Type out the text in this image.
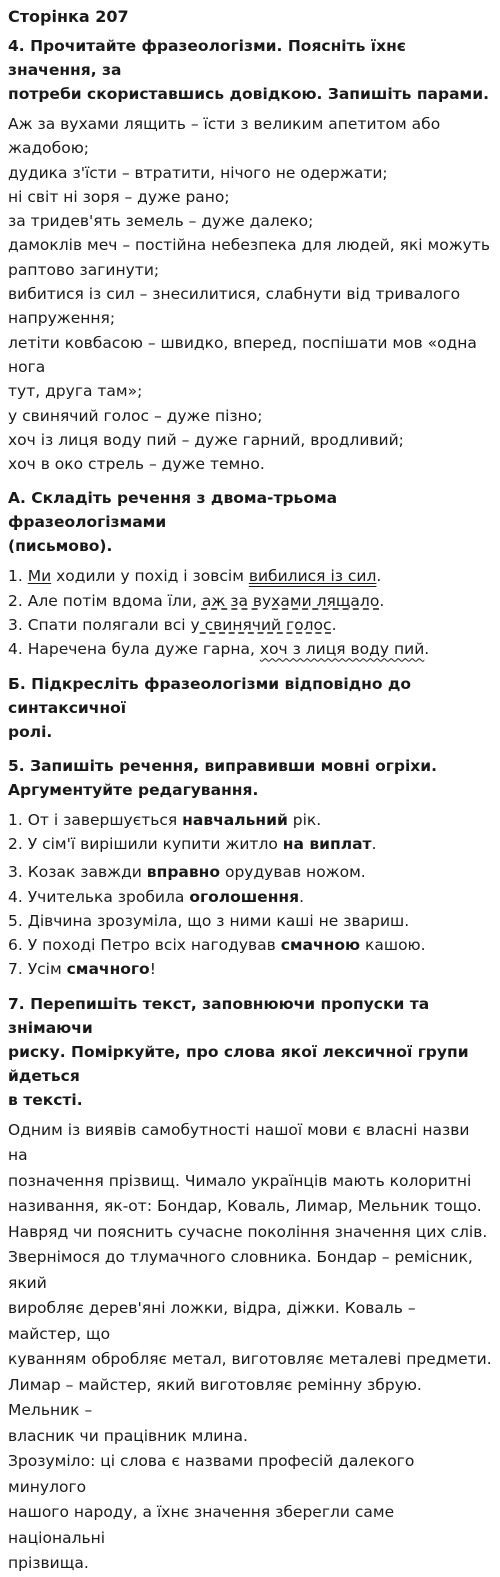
Сторінка 207
4. Прочитайте фразеологізми. Поясніть їхнє значення, за
потреби скориставшись довідкою. Запишіть парами.
Аж за вухами лящить – їсти з великим апетитом або жадобою;
дудика з'їсти – втратити, нічого не одержати;
ні світ ні зоря – дуже рано;
за тридев'ять земель – дуже далеко;
дамоклів меч – постійна небезпека для людей, які можуть
раптово загинути;
вибитися із сил – знесилитися, слабнути від тривалого
напруження;
летіти ковбасою – швидко, вперед, поспішати мов «одна нога
тут, друга там»;
у свинячий голос – дуже пізно;
хоч із лиця воду пий – дуже гарний, вродливий;
хоч в око стрель – дуже темно.
А. Складіть речення з двома-трьома фразеологізмами
(письмово).
1. Ми ходили у похід і зовсім вибилися із сил.
2. Але потім вдома їли, аж за вухами лящало.
3. Спати полягали всі у свинячий голос.
4. Наречена була дуже гарна, хоч з лиця воду пий.
Б. Підкресліть фразеологізми відповідно до синтаксичної
ролі.
5. Запишіть речення, виправивши мовні огріхи.
Аргументуйте редагування.
1. От і завершується навчальний рік.
2. У сім'ї вирішили купити житло на виплат.
3. Козак завжди вправно орудував ножом.
4. Учителька зробила оголошення.
5. Дівчина зрозуміла, що з ними каші не звариш.
6. У поході Петро всіх нагодував смачною кашою.
7. Усім смачного!
7. Перепишіть текст, заповнюючи пропуски та знімаючи
риску. Поміркуйте, про слова якої лексичної групи йдеться
в тексті.
Одним із виявів самобутності нашої мови є власні назви на
позначення прізвищ. Чимало українців мають колоритні
називання, як-от: Бондар, Коваль, Лимар, Мельник тощо.
Навряд чи пояснить сучасне покоління значення цих слів.
Звернімося до тлумачного словника. Бондар – ремісник, який
виробляє дерев'яні ложки, відра, діжки. Коваль – майстер, що
куванням обробляє метал, виготовляє металеві предмети.
Лимар – майстер, який виготовляє ремінну збрую. Мельник –
власник чи працівник млина.
Зрозуміло: ці слова є назвами професій далекого минулого
нашого народу, а їхнє значення зберегли саме національні
прізвища.
